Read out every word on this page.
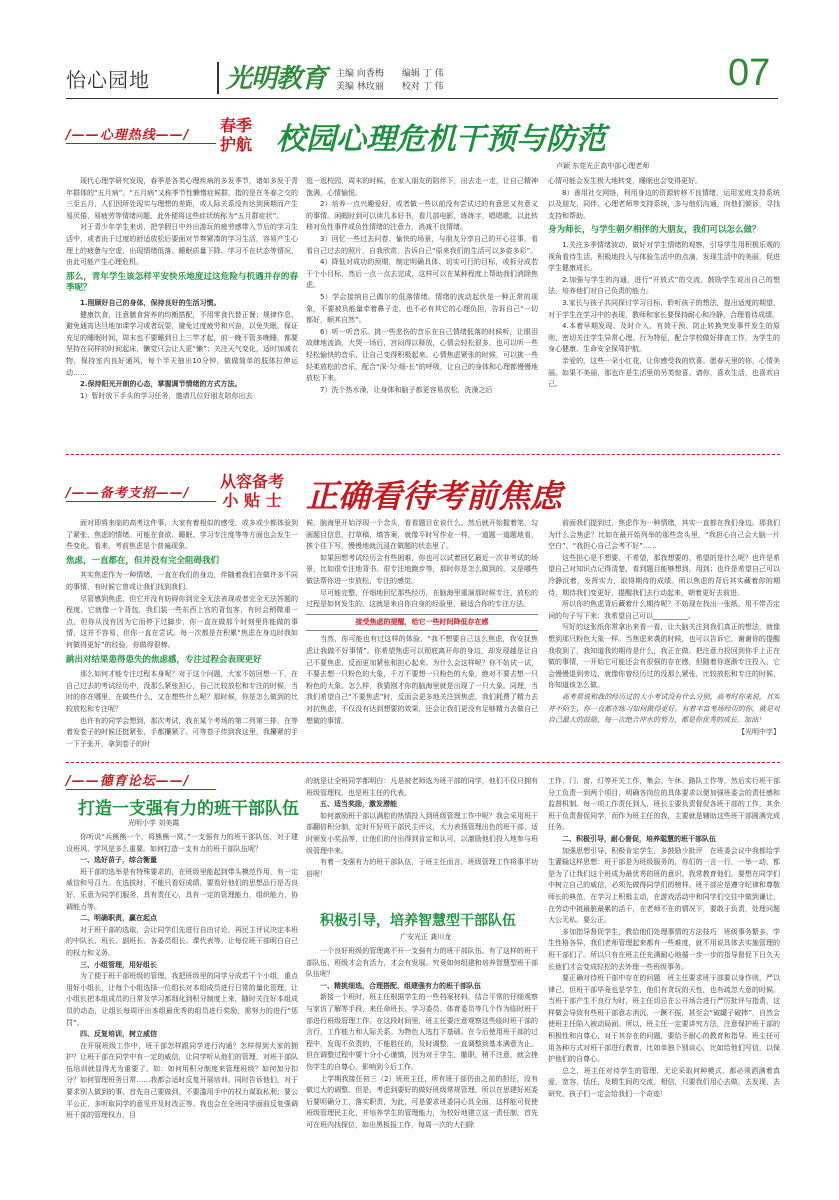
怡心园地	光明教育 主编 向香梅 编辑 丁 伟
美编 林玫丽 校对 丁 伟	07
/——心理热线——/
春季
护航 校园心理危机干预与防范
卢颖 东莞光正高中部心理老师

现代心理学研究发现，春季是各类心理疾病的多发季节，诸如多发于青年群体的“五月病”。“五月病”又称季节性懒惰症候群，指的是在冬春之交的三至五月，人们因所处现实与理想的差距，或人际关系没有达到预期而产生易厌倦、易疲劳等情绪问题，此外便将这些症状统称为“五月群症状”。

对于青少年学生来说，把学假日中外出游玩的疲劳感带入节后的学习生活中，或者由于过度的舒适放松后要面对节奏紧凑的学习生活，容易产生心理上的疲惫与空虚，出现情绪低落、睡眠质量下降、学习不在状态等情况，由此可能产生心理危机。

那么，青年学生该怎样平安快乐地度过这危险与机遇并存的春季呢？

1.照顾好自己的身体，保持良好的生活习惯。

健康饮食，注意膳食营养的均衡搭配，不用零食代替正餐；规律作息，避免通宵达旦地加课学习或者玩耍，避免过度疲劳和兴奋，以免失眠，保证充足的睡眠时间，周末也不要睡到日上三竿才起，前一晚不管多晚睡，都要坚持在同样的时间起床，懒觉只会让人更“懒”；关注天气变化，适时加减衣物，保持室内良好通风，每个半天抽出10分钟，做做简单的肢体拉伸运动……

2.保持阳光开朗的心态，掌握调节情绪的方式方法。

1）暂时放下手头的学习任务，邀请几位好朋友陪你出去

逛一逛校园，周末的时候，在家人朋友的陪伴下，出去走一走，让自己精神饱满，心情愉悦。

2）培养一点兴趣爱好，或者做一些以前没有尝试过的有意思又有意义的事情。闲暇时到可以读几本好书，看几部电影，练练字，唱唱歌，以此转移对负性事件或负性情绪的注意力，消减不良情绪。

3）回忆一些过去问卷、愉快的场景，与朋友分享自己的开心往事，看看自己过去的照片，自我欣赏，告诉自己“原来我们的生活可以多姿多彩”。

4）降低对成功的预期，制定明确具体、切实可行的目标，或拆分成若干个小目标，然后一点一点去完成，这样可以在某种程度上帮助我们消除焦虑。

5）学会接纳自己偶尔的低落情绪。情绪的波动起伏是一种正常的现象，不要被负能量牵着鼻子走，也不必有其它的心理负担，告诉自己“一切都好，顺其自然”。

6）听一听音乐。挑一些悲伤的音乐在自己情绪低落的时候听，让眼泪故肆地流淌，大哭一场后，宫闷得以释放，心情会轻松很多，也可以听一些轻松愉快的音乐，让自己变得积极起来。心情焦虑紧张的时候，可以挑一些轻柔放松的音乐，配合“深-匀-细-长”的呼吸，让自己的身体和心理都慢慢地放松下来。

7）洗个热水澡，让身体和脑子都更容易放松，洗澡之后

心情可能会发生极大地转变，睡眠也会变得更好。

8）善用社交网络，利用身边的资源转移不良情绪，运用家庭支持系统以及朋友、同伴、心理老师等支持系统，多与他们沟通，向他们倾诉，寻找支持和帮助。

身为师长，与学生朝夕相伴的大朋友，我们可以怎么做？

1.关注多季情绪波动，做好对学生情绪的观察，引导学生用积极乐观的视角看待生活，积极地投入与体验生活中的点滴，发现生活中的美丽，促进学生健康成长。

2.加强与学生的沟通，进行“开放式”的交流，鼓励学生说出自己的想法，培养他们对自己负责的能力。

3.家长与孩子共同探讨学习目标，聆听孩子的想法，提出适度的期望，对于学生在学习中的表现，教师和家长要保持耐心和冷静，合理看待成绩。

4.本着早期发现、及时介入、有效干预、防止转换突发事件发生的原则，密切关注学生异常心理、行为特征，配合学校做好排查工作，为学生的身心健康、生命安全保驾护航。

亲爱的，这些一朵小红花，让你感受我的欣喜。愿春天里的你，心情美丽。如果不美丽，那也许是生活里的另类惊喜。请你，喜欢生活，也喜欢自己。

/——备考支招——/
从容备考
小 贴 士 正确看待考前焦虑

面对即将来临的高考这件事，大家有着相似的感受，或多或少都体验到了紧张、焦虑的情绪。可能在食欲、睡眠、学习专注度等等方面也会发生一些变化。看来，考前焦虑是个普遍现象。

焦虑，一直都在，但并没有完全阻碍我们

其实焦虑作为一种情绪，一直在我们的身边，伴随着我们在做许多不同的事情，有时候它曾或让我们找到我们。

尽管感到焦虑，但它并没有妨碍你到完全无法表现或者完全无法答题的程度。它就像一个背包，我们装一些东西上宫的背包客，有时会稍微重一点，但你从没有因为它而停下过脚步，你一直在做那个时刻里你能做的事情，这并不容易，但你一直在尝试。每一次都是在积累“焦虑在身边时我如何做得更好”的经验，你做得很棒。

跳出对结果患得患失的焦虑感，专注过程会表现更好

那么如何才能专注过程本身呢？对于这个问题，大家不妨回想一下，在自己过去的考试经历中，没那么紧张担心，自己比较放松和专注的时候，当时的你在哪里，在做些什么，又在想些什么呢？那时候，你是怎么做到的比较放松和专注呢？

也许有的同学会想到，那次考试，我在某个考场的第二列第三排，在等着发卷子的时候还挺紧张，手都攥紧了。可等卷子传到我这里，我攥紧的手一下子张开，拿到卷子的时

候，脑海里开始浮现一个念头，看看题目在说什么。然后就开始握着笔，勾画题目信息，打草稿，填答案，就像平时写作业一样，一道题一道题地看，挨个往下写，慢慢地就沉浸在做题的状态里了。

如果回想考试经历会有些困难，你也可以试着回忆最近一次非考试的场景，比如很专注地背书、很专注地跑步等，那时你是怎么做到的，又是哪些做法帮你进一步放松、专注的感觉。

尽可能完整、仔细地回忆那些经历，在脑海里重演那时候专注、放松的过程是如何发生的，这就是来自你自身的经验里、最适合你的专注方法。

接受焦虑的提醒，给它一些时间降低存在感

当然，你可能也有过这样的体验，“我不想要自己这么焦虑，我安抚焦虑让我做不好事情”。你希望焦虑可以彻底离开你的身边，却发现越是让自己不要焦虑，反而更加紧张和担心起来。为什么会这样呢？你不妨试一试，不要去想一只粉色的大象，千万不要想一只粉色的大象，绝对不要去想一只粉色的大象。怎么样，我猜刚才你的脑海里就是出现了一只大象。同理，当我们希望自己“不要焦虑”时，反而会更多地关注到焦虑，我们耗费了精力去对抗焦虑，不仅没有达到想要的效果，还会让我们更没有足够精力去做自己想做的事情。

前面我们提到过，焦虑作为一种情绪，其实一直都在我们身边。那我们为什么会焦虑？比如在最开始列举的那些念头里，“我担心自己会大脑一片空白”、“我担心自己会考不好”……

这些担心是不想要、不希望，那我想要的、希望的是什么呢？也许是希望自己对知识点记得清楚，看到题目能够想到，用到；也许是希望自己可以冷静沉着，发挥实力，取得期待的成绩。所以焦虑的背后其实藏着你的期待，期待我们变更好，提醒我们去行动起来，朝着更好去前进。

所以你的焦虑背后藏着什么期待呢？不妨现在找出一张纸，用不带否定词的句子写下来：我希望自己可以__________。

写好的这张纸你常拿出来看一看，让大脑关注到我们真正的想法，就像想到那只粉色大象一样。当焦虑来袭的时候，也可以告诉它，谢谢你的提醒我收到了，我知道我的期待是什么，我正在做。把注意力投回到你手上正在做的事情，一开始它可能还会有很强的存在感，但随着你逐渐专注投入，它会慢慢退到旁边，就像你曾经历过的没那么紧张，比较放松和专注的时候，你知道该怎么做。

高考莫说和我的经历过的大小考试没有什么分别，高考时你来说，其实并不陌生，你一直都在练习如何做得更好。有着丰富考场经历的你，就是对自己最大的鼓励，每一次绝合冲水的努力，都是你优秀的成长。加油！

【光明中学】

/——德育论坛——/
打造一支强有力的班干部队伍
光明小学 刘美霞

你听说“兵熊熊一个，将熊熊一窝。”一支强有力的班干部队伍，对于建设班风、学风是多么重要。如何打造一支有力的班干部队伍呢？

一、选好苗子，综合衡量

班干部的选举是有特殊要求的，在班级里能起到带头模范作用，有一定威信和号召力。在选拔时，不能只看好成绩，要看好他们的思想品行是否良好，乐意为同学们服务，具有责任心，具有一定的管理能力，组织能力，协调能力等。

二、明确职责，赢在起点

对于班干部的选取，会让同学们先进行自由讨论，再民主评议决定本班的中队长、班长、副班长、各委员组长、课代表等。让每位班干部明白自己的权力和义务。

三、小组管理，用好组长

为了便于班干部班级的管理，我把班级里的同学分成若干个小组，重点用好小组长，让每个小组选择一位组长对本组成员进行日常的量化管理，让小组长把本组成员的日常及学习都细化到积分制度上来，随时关注好本组成员的动态，让组长每周评出本组最优秀的组员进行奖励，需努力的进行“惩罚”。

四、反复培训，树立威信

在开展班级工作中，班干部怎样跟同学进行沟通？怎样得到大家的拥护？让班干部在同学中有一定的威信，让同学听从他们的管理，对班干部队伍培训就显得尤为重要了。如：如何用积分制度来管理班级？如何加分扣分？如何管理班务日常……我都会适时反复开展培训。同时告诉他们，对于要求别人做到的事，首先自己要做到。不要滥用手中的权力谋取私利；要公平公正，多听取同学的意见并及时改正等。我也会在全班同学面前反复强调班干部的管理权力，目

的就是让全班同学都明白：凡是被老师选为班干部的同学，他们不仅只拥有班级管理权，也是班主任的代表。

五、适当奖励，激发潜能

如何激励班干部以满腔的热情投入到班级管理工作中呢？我会采用班干部翻倍积分制，定时开好班干部民主评议，大力表扬管理出色的班干部，适时颁发小奖品等，让他们的付出得到肯定和认可，以激励他们投入地参与班级管理中来。

有着一支强有力的班干部队伍，于班主任而言，班级管理工作将事半功倍呢！

积极引导，培养智慧型干部队伍
广安光正 龚川龙

一个良好班级的管理离不开一支强有力的班干部队伍。有了这样的班干部队伍，班级才会有活力，才会有发展。究竟如何组建和培养智慧型班干部队伍呢？

一、精挑细选，合理搭配，组建强有力的班干部队伍

新接一个班时，班主任根据学生的一些档案材料，结合平常的仔细观察与家访了解等手段，来任命班长、学习委员、体育委员等几个作为临时班干部进行班级管理工作。在这段时间里，班主任要注意观察这些临时班干部的言行，工作能力和人际关系。为物色人选打下基础。在今后使用班干部的过程中，发现不负责的，不能胜任的，及时调整，一直调整到基本满意为止。但在调整过程中要十分小心谨慎，因为对于学生，撤职，稍不注意，就会挫伤学生的自尊心，影响到今后工作。

上学期我接任初三（2）班班主任，所有班干部仍由之前的担任，没有做过大的调整。但是，考虑到要好的做好班级常规管理，所以在思建好班委后要明确分工，落实职责，为此，可是要求班委同心具全面，这样能可促使班级管理民主化，并培养学生的管理能力，为校好地建立这一责任制，首先可在班内找探位，如出黑板报工作，每周一次的大扫除

工作，门、窗、灯等开关工作，集会、午休、路队工作等，然后实行班干部分工负责一到两个项目，明确各岗位的具体要求以便加强班委会的责任感和监督机制。每一项工作责任到人，班长主要负责督促各班干部的工作，其余班干负责督促同学，而作为班主任的我，主要就是辅助这些班干部圆满完成任务。

二、积极引导，耐心督促，培养聪慧的班干部队伍

加强思想引导，积极肯定学生，多鼓励少批评　在班委会议中我都给学生灌输这样思想：班干部是为班级服务的，你们的一言一行，一举一动，都是为了让我们这个班成为最优秀的班的意识。我常教育他们，要想在同学们中树立自己的威信，必须先做得同学们的榜样。班干部应是遵守纪律和尊敬师长的典范，在学习上积极主动，在游戏活动中和同学们交往中做到谦让，在劳动中挑最脏最累的活干，在老师不在的情况下，要敢于负责，处理问题大公无私。要公正。

多加指导督促学生，教给他们处理事情的方法技巧　班级事务繁多，学生性格各异，我们老师管理起来都有一些难度，就不用说具体去实施管理的班干部们了。所以只有在班主任充满耐心地循一步一步的指导督促下日久天长他们才会变成轻松的去外理一些班级事务。

要正确对待班干部中存在的问题　班主任要求班干部要以身作则，严以律己，但班干部毕竟也是学生，他们有贪玩的天性，也有疏忽大意的时候。当班干部产生不良行为时，班主任切忌在公开场合进行严厉批评与指责，这样做会导致有些班干部意志消沉，一蹶不振，甚至会“破罐子破摔”，自然会使班主任陷入被动局面。所以，班主任一定要讲究方法，注意保护班干部的积极性和自尊心，对于其存在的问题，要给予耐心的教育和指导。班主任可用各种方式对班干部进行教育，比如单独个别谈心，比如给他们写信，以保护他们的自尊心。

总之，班主任对待学生的管理，无论采取何种模式，都必须洒满着真爱，宽容，恬任，及精生间的交流，相信，只要我们用心去做，去发现，去研究，孩子们一定会给我们一个奇迹！
